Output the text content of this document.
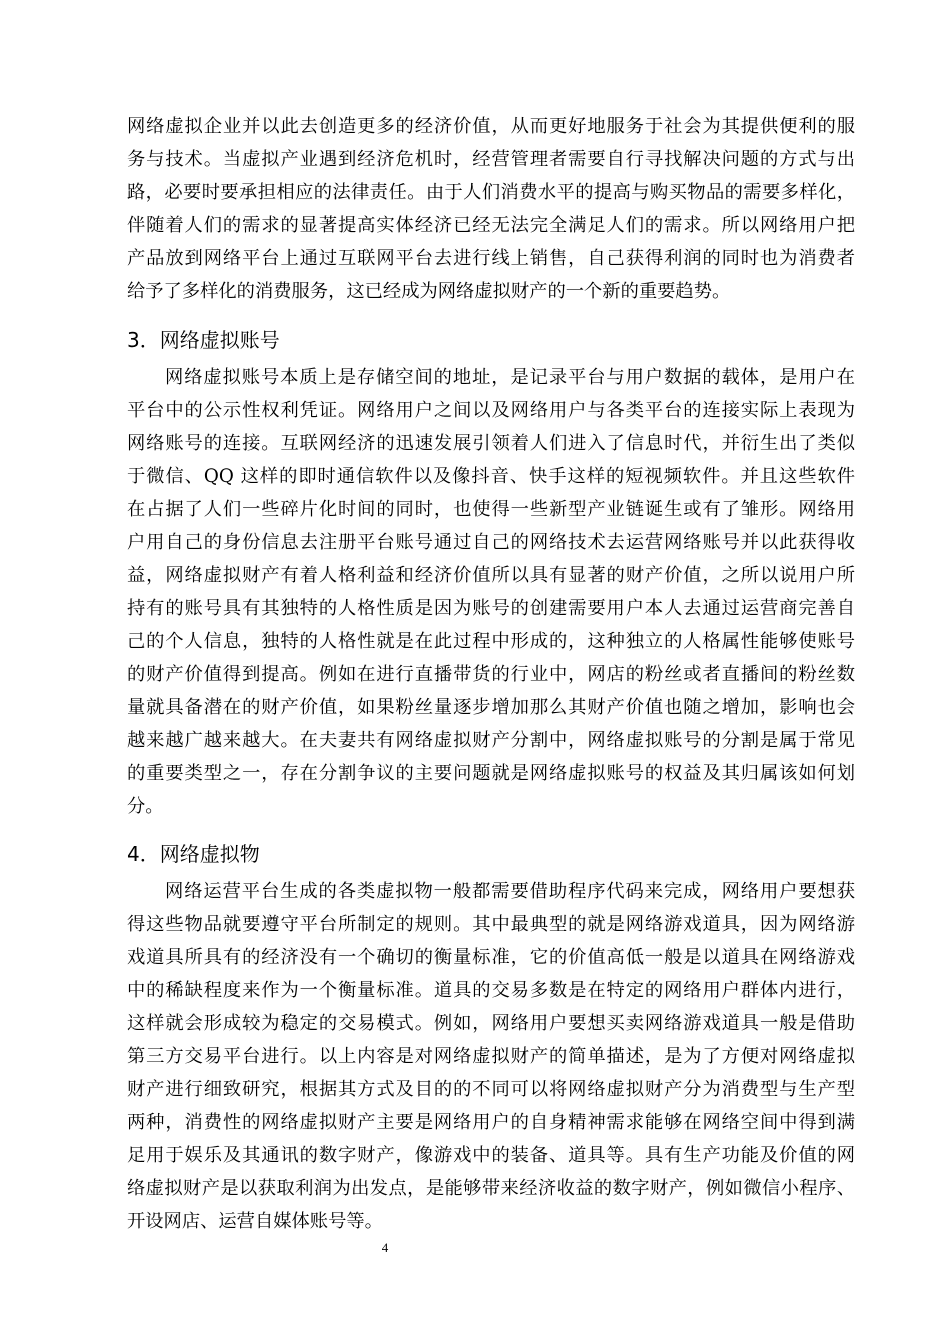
网络虚拟企业并以此去创造更多的经济价值，从而更好地服务于社会为其提供便利的服
务与技术。当虚拟产业遇到经济危机时，经营管理者需要自行寻找解决问题的方式与出
路，必要时要承担相应的法律责任。由于人们消费水平的提高与购买物品的需要多样化，
伴随着人们的需求的显著提高实体经济已经无法完全满足人们的需求。所以网络用户把
产品放到网络平台上通过互联网平台去进行线上销售，自己获得利润的同时也为消费者
给予了多样化的消费服务，这已经成为网络虚拟财产的一个新的重要趋势。
3．网络虚拟账号
网络虚拟账号本质上是存储空间的地址，是记录平台与用户数据的载体，是用户在
平台中的公示性权利凭证。网络用户之间以及网络用户与各类平台的连接实际上表现为
网络账号的连接。互联网经济的迅速发展引领着人们进入了信息时代，并衍生出了类似
于微信、QQ 这样的即时通信软件以及像抖音、快手这样的短视频软件。并且这些软件
在占据了人们一些碎片化时间的同时，也使得一些新型产业链诞生或有了雏形。网络用
户用自己的身份信息去注册平台账号通过自己的网络技术去运营网络账号并以此获得收
益，网络虚拟财产有着人格利益和经济价值所以具有显著的财产价值，之所以说用户所
持有的账号具有其独特的人格性质是因为账号的创建需要用户本人去通过运营商完善自
己的个人信息，独特的人格性就是在此过程中形成的，这种独立的人格属性能够使账号
的财产价值得到提高。例如在进行直播带货的行业中，网店的粉丝或者直播间的粉丝数
量就具备潜在的财产价值，如果粉丝量逐步增加那么其财产价值也随之增加，影响也会
越来越广越来越大。在夫妻共有网络虚拟财产分割中，网络虚拟账号的分割是属于常见
的重要类型之一，存在分割争议的主要问题就是网络虚拟账号的权益及其归属该如何划
分。
4．网络虚拟物
网络运营平台生成的各类虚拟物一般都需要借助程序代码来完成，网络用户要想获
得这些物品就要遵守平台所制定的规则。其中最典型的就是网络游戏道具，因为网络游
戏道具所具有的经济没有一个确切的衡量标准，它的价值高低一般是以道具在网络游戏
中的稀缺程度来作为一个衡量标准。道具的交易多数是在特定的网络用户群体内进行，
这样就会形成较为稳定的交易模式。例如，网络用户要想买卖网络游戏道具一般是借助
第三方交易平台进行。以上内容是对网络虚拟财产的简单描述，是为了方便对网络虚拟
财产进行细致研究，根据其方式及目的的不同可以将网络虚拟财产分为消费型与生产型
两种，消费性的网络虚拟财产主要是网络用户的自身精神需求能够在网络空间中得到满
足用于娱乐及其通讯的数字财产，像游戏中的装备、道具等。具有生产功能及价值的网
络虚拟财产是以获取利润为出发点，是能够带来经济收益的数字财产，例如微信小程序、
开设网店、运营自媒体账号等。
4
